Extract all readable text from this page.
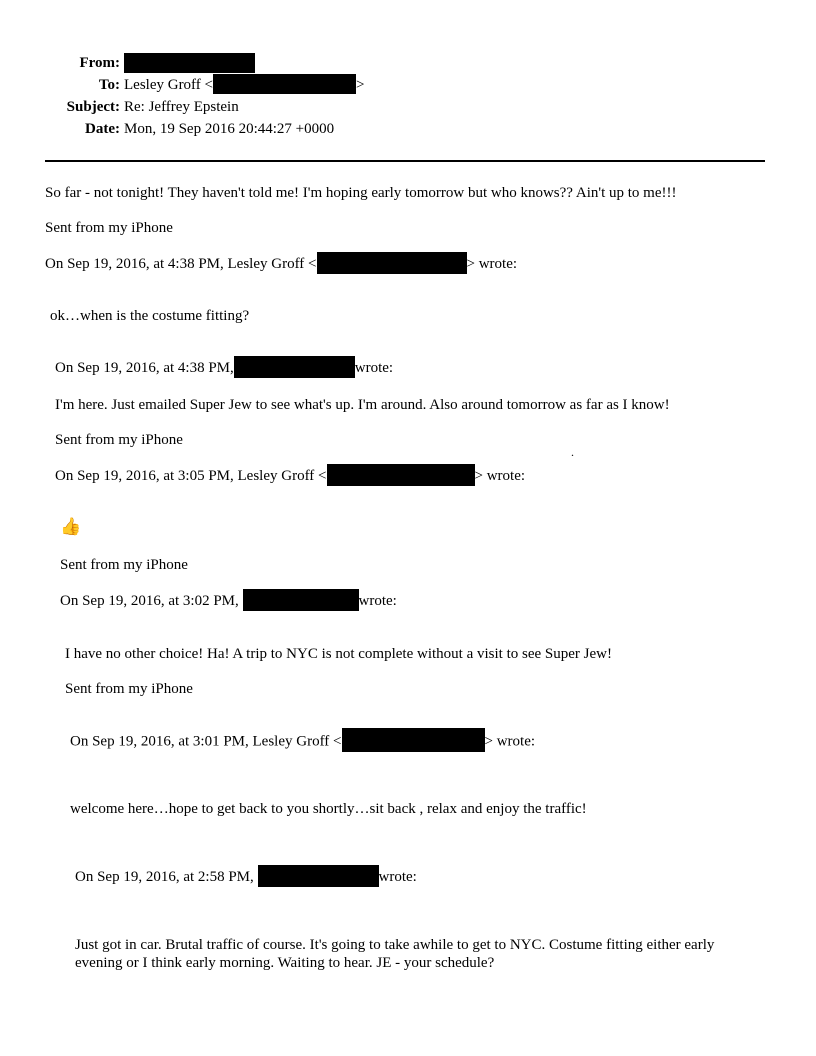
From:
To: Lesley Groff <	>
Subject: Re: Jeffrey Epstein
Date: Mon, 19 Sep 2016 20:44:27 +0000
So far - not tonight! They haven't told me! I'm hoping early tomorrow but who knows?? Ain't up to me!!!
Sent from my iPhone
On Sep 19, 2016, at 4:38 PM, Lesley Groff <	> wrote:
ok…when is the costume fitting?
On Sep 19, 2016, at 4:38 PM,	wrote:
I'm here. Just emailed Super Jew to see what's up. I'm around. Also around tomorrow as far as I know!
Sent from my iPhone
.
On Sep 19, 2016, at 3:05 PM, Lesley Groff <	> wrote:
👍
Sent from my iPhone
On Sep 19, 2016, at 3:02 PM,	wrote:
I have no other choice! Ha! A trip to NYC is not complete without a visit to see Super Jew!
Sent from my iPhone
On Sep 19, 2016, at 3:01 PM, Lesley Groff <	> wrote:
welcome here…hope to get back to you shortly…sit back , relax and enjoy the traffic!
On Sep 19, 2016, at 2:58 PM,	wrote:
Just got in car. Brutal traffic of course. It's going to take awhile to get to NYC. Costume fitting either early evening or I think early morning. Waiting to hear. JE - your schedule?
